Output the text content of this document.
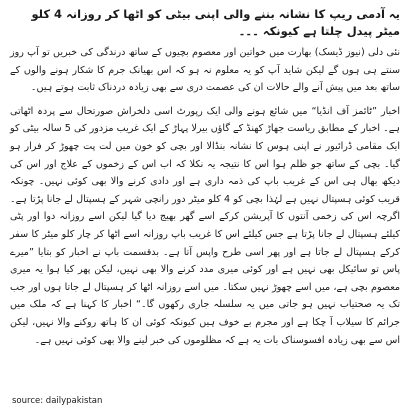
یہ آدمی ریپ کا نشانہ بننے والی اپنی بیٹی کو اٹھا کر روزانہ 4 کلو میٹر پیدل چلتا ہے کیونکہ ۔۔۔

نئی دلی (نیوز ڈیسک) بھارت میں خواتین اور معصوم بچیوں کے ساتھ درندگی کی خبریں تو آپ روز سنتے ہی ہوں گے لیکن شاید آپ کو یہ معلوم نہ ہو کہ اس بھیانک جرم کا شکار ہونے والوں کے ساتھ بعد میں پیش آنے والے حالات ان کی عصمت دری سے بھی زیادہ دردناک ثابت ہوتے ہیں۔

اخبار ”ٹائمز آف انڈیا“ میں شائع ہونے والی ایک رپورٹ اسی دلخراش صورتحال سے پردہ اٹھاتی ہے۔ اخبار کے مطابق ریاست جھاڑ کھنڈ کے گاؤں بیرلا پہاڑ کے ایک غریب مزدور کی 5 سالہ بیٹی کو ایک مقامی ڈرائیور نے اپنی ہوس کا نشانہ بنڈالا اور بچی کو خون میں لت پت چھوڑ کر فرار ہو گیا۔ بچی کے ساتھ جو ظلم ہوا اس کا نتیجہ یہ نکلا کہ اب اس کے زخموں کے علاج اور اس کی دیکھ بھال ہی اس کے غریب باپ کی ذمہ داری ہے اور دادی کرنے والا بھی کوئی نہیں۔ چونکہ قریب کوئی ہسپتال نہیں ہے لہٰذا بچی کو 4 کلو میٹر دور رانچی شہر کے ہسپتال لے جانا پڑتا ہے۔ اگرچہ اس کی زخمی آنتوں کا آپریشن کرکے اسے گھر بھیج دیا گیا لیکن اسے روزانہ دوا اور پٹی کیلئے ہسپتال لے جانا پڑتا ہے جس کیلئے اس کا غریب باپ روزانہ اسے اٹھا کر چار کلو میٹر کا سفر کرکے ہسپتال لے جاتا ہے اور پھر اسی طرح واپس آتا ہے۔ بدقسمت باپ نے اخبار کو بتایا ”میرے پاس تو سائیکل بھی نہیں ہے اور کوئی میری مدد کرنے والا بھی نہیں، لیکن پھر کیا ہوا یہ میری معصوم بچی ہے، میں اسے چھوڑ نہیں سکتا۔ میں اسے روزانہ اٹھا کر ہسپتال لے جاتا ہوں اور جب تک یہ صحتیاب نہیں ہو جاتی میں یہ سلسلہ جاری رکھوں گا۔“ اخبار کا کہنا ہے کہ ملک میں جرائم کا سیلاب آ چکا ہے اور مجرم بے خوف ہیں کیونکہ کوئی ان کا ہاتھ روکنے والا نہیں، لیکن اس سے بھی زیادہ افسوسناک بات یہ ہے کہ مظلوموں کی خبر لینے والا بھی کوئی نہیں ہے۔

source: dailypakistan
